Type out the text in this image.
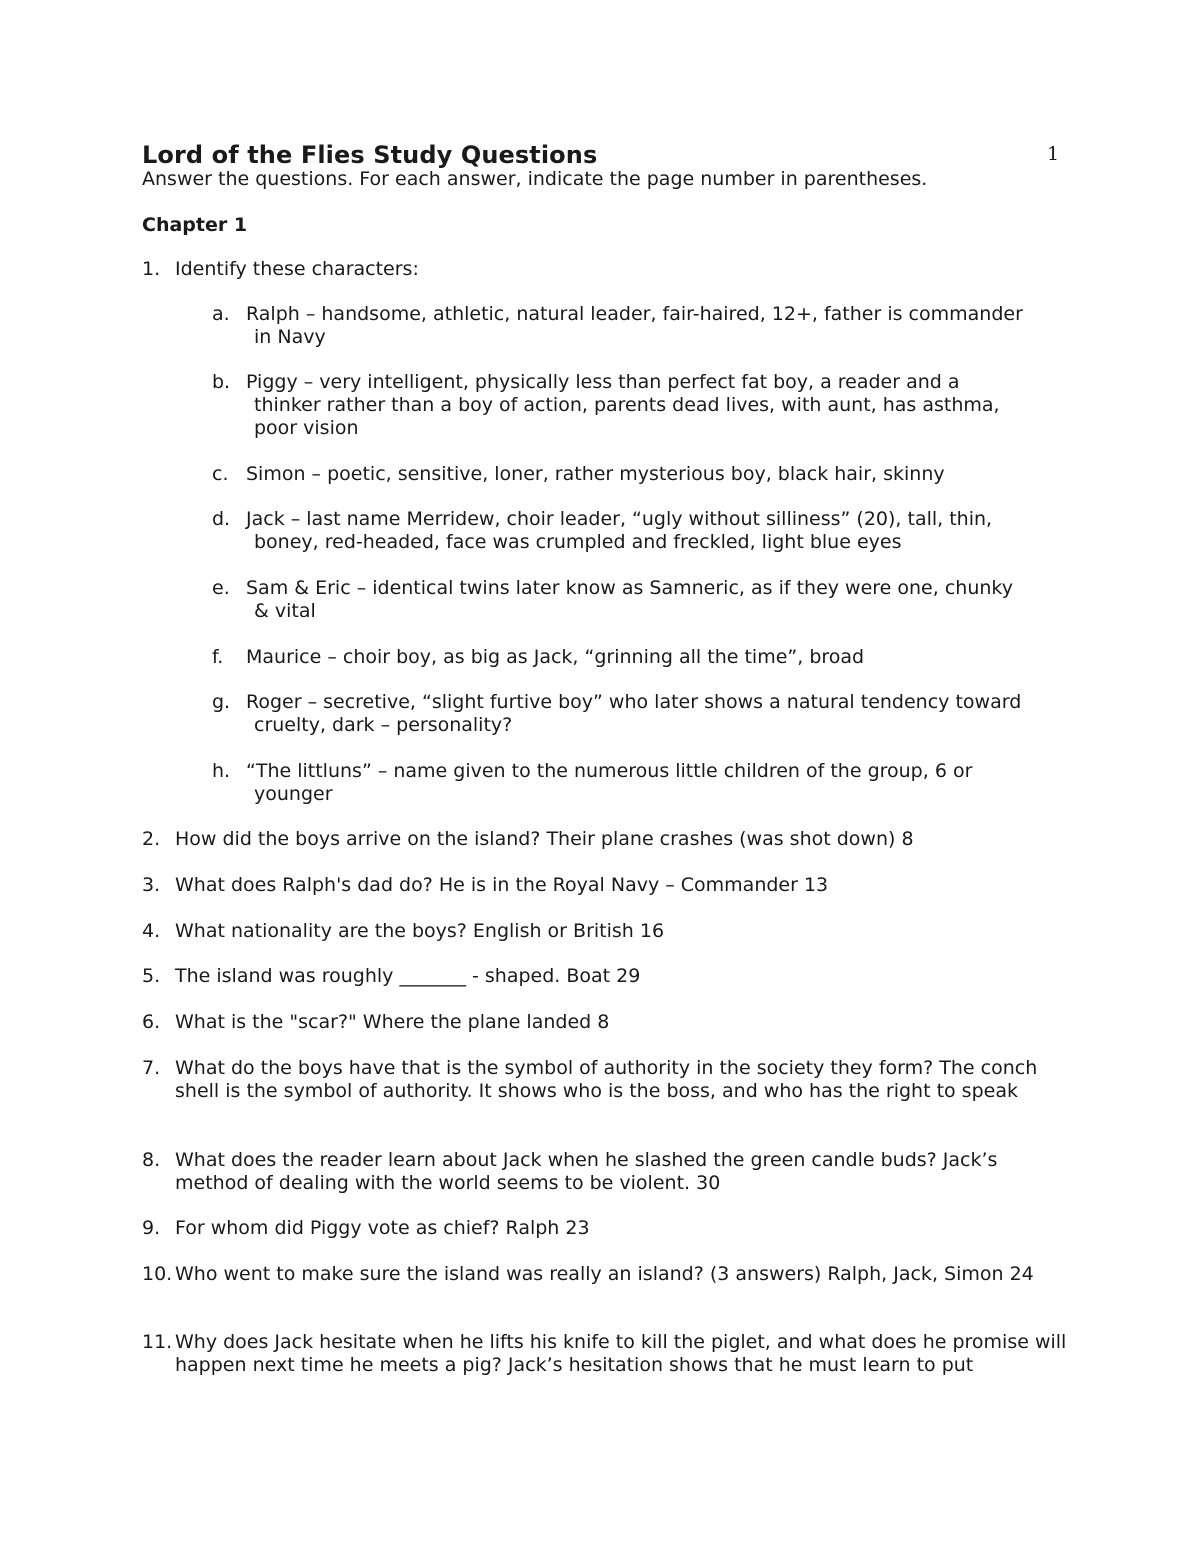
1
Lord of the Flies Study Questions

Answer the questions. For each answer, indicate the page number in parentheses.

Chapter 1
1. Identify these characters:
a. Ralph – handsome, athletic, natural leader, fair-haired, 12+, father is commander
in Navy
b. Piggy – very intelligent, physically less than perfect fat boy, a reader and a
thinker rather than a boy of action, parents dead lives, with aunt, has asthma, poor vision
c. Simon – poetic, sensitive, loner, rather mysterious boy, black hair, skinny
d. Jack – last name Merridew, choir leader, “ugly without silliness” (20), tall, thin,
boney, red-headed, face was crumpled and freckled, light blue eyes
e. Sam & Eric – identical twins later know as Samneric, as if they were one, chunky
& vital
f. Maurice – choir boy, as big as Jack, “grinning all the time”, broad
g. Roger – secretive, “slight furtive boy” who later shows a natural tendency toward
cruelty, dark – personality?
h. “The littluns” – name given to the numerous little children of the group, 6 or
younger
2. How did the boys arrive on the island? Their plane crashes (was shot down) 8
3. What does Ralph's dad do? He is in the Royal Navy – Commander 13
4. What nationality are the boys? English or British 16
5. The island was roughly _______ - shaped. Boat 29
6. What is the "scar?" Where the plane landed 8
7. What do the boys have that is the symbol of authority in the society they form? The conch shell is the symbol of authority. It shows who is the boss, and who has the right to speak
8. What does the reader learn about Jack when he slashed the green candle buds? Jack’s method of dealing with the world seems to be violent. 30
9. For whom did Piggy vote as chief? Ralph 23
10. Who went to make sure the island was really an island? (3 answers) Ralph, Jack, Simon 24
11. Why does Jack hesitate when he lifts his knife to kill the piglet, and what does he promise will happen next time he meets a pig? Jack’s hesitation shows that he must learn to put
